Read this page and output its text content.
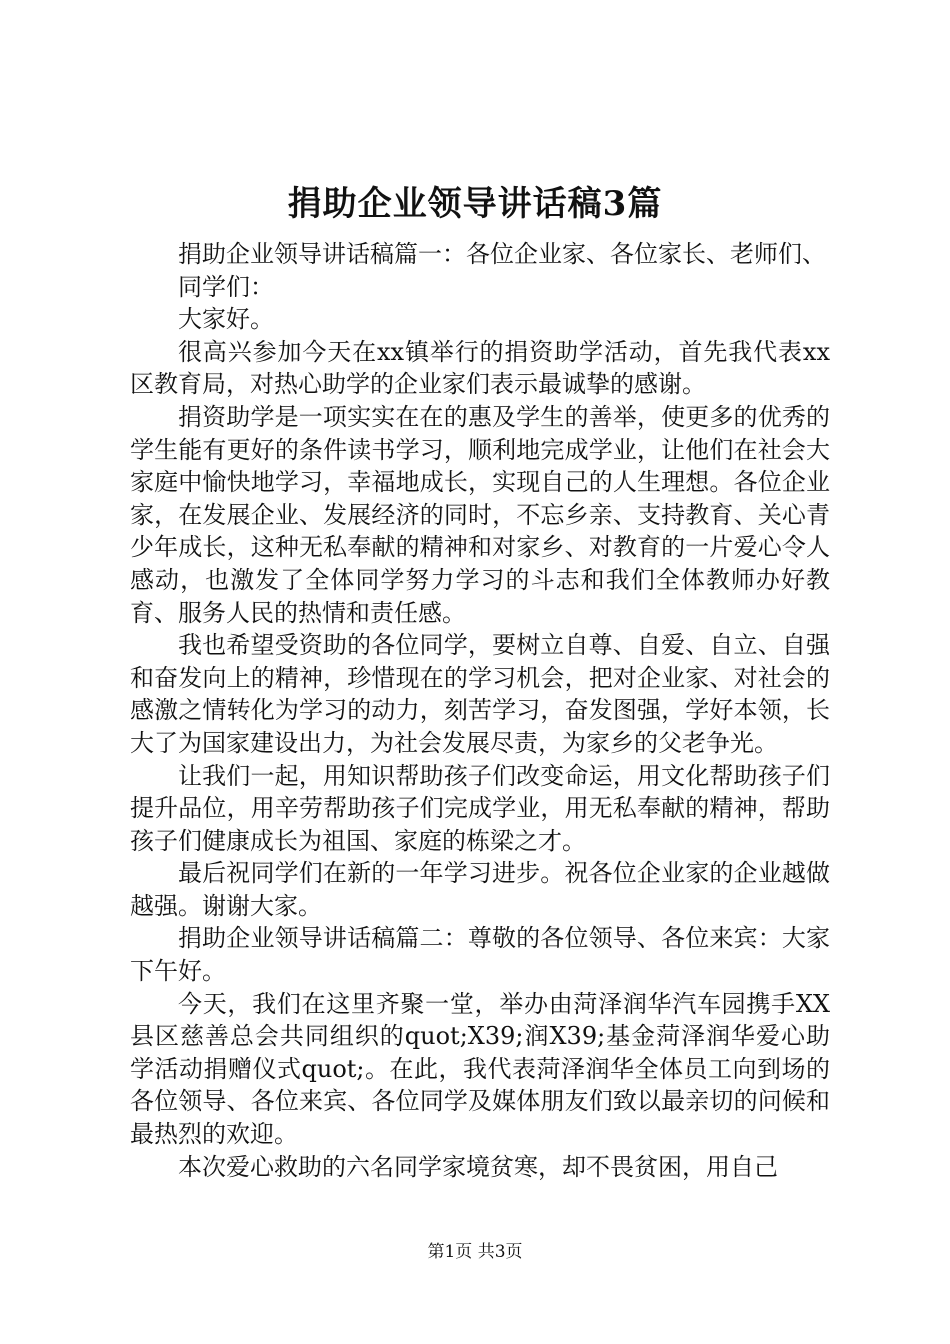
捐助企业领导讲话稿3篇

捐助企业领导讲话稿篇一：各位企业家、各位家长、老师们、

同学们：

大家好。

很高兴参加今天在xx镇举行的捐资助学活动，首先我代表xx区教育局，对热心助学的企业家们表示最诚挚的感谢。

捐资助学是一项实实在在的惠及学生的善举，使更多的优秀的学生能有更好的条件读书学习，顺利地完成学业，让他们在社会大家庭中愉快地学习，幸福地成长，实现自己的人生理想。各位企业家，在发展企业、发展经济的同时，不忘乡亲、支持教育、关心青少年成长，这种无私奉献的精神和对家乡、对教育的一片爱心令人感动，也激发了全体同学努力学习的斗志和我们全体教师办好教育、服务人民的热情和责任感。

我也希望受资助的各位同学，要树立自尊、自爱、自立、自强和奋发向上的精神，珍惜现在的学习机会，把对企业家、对社会的感激之情转化为学习的动力，刻苦学习，奋发图强，学好本领，长大了为国家建设出力，为社会发展尽责，为家乡的父老争光。

让我们一起，用知识帮助孩子们改变命运，用文化帮助孩子们提升品位，用辛劳帮助孩子们完成学业，用无私奉献的精神，帮助孩子们健康成长为祖国、家庭的栋梁之才。

最后祝同学们在新的一年学习进步。祝各位企业家的企业越做越强。谢谢大家。

捐助企业领导讲话稿篇二：尊敬的各位领导、各位来宾：大家下午好。

今天，我们在这里齐聚一堂，举办由菏泽润华汽车园携手XX县区慈善总会共同组织的quot;X39;润X39;基金菏泽润华爱心助学活动捐赠仪式quot;。在此，我代表菏泽润华全体员工向到场的各位领导、各位来宾、各位同学及媒体朋友们致以最亲切的问候和最热烈的欢迎。

本次爱心救助的六名同学家境贫寒，却不畏贫困，用自己

第1页 共3页
